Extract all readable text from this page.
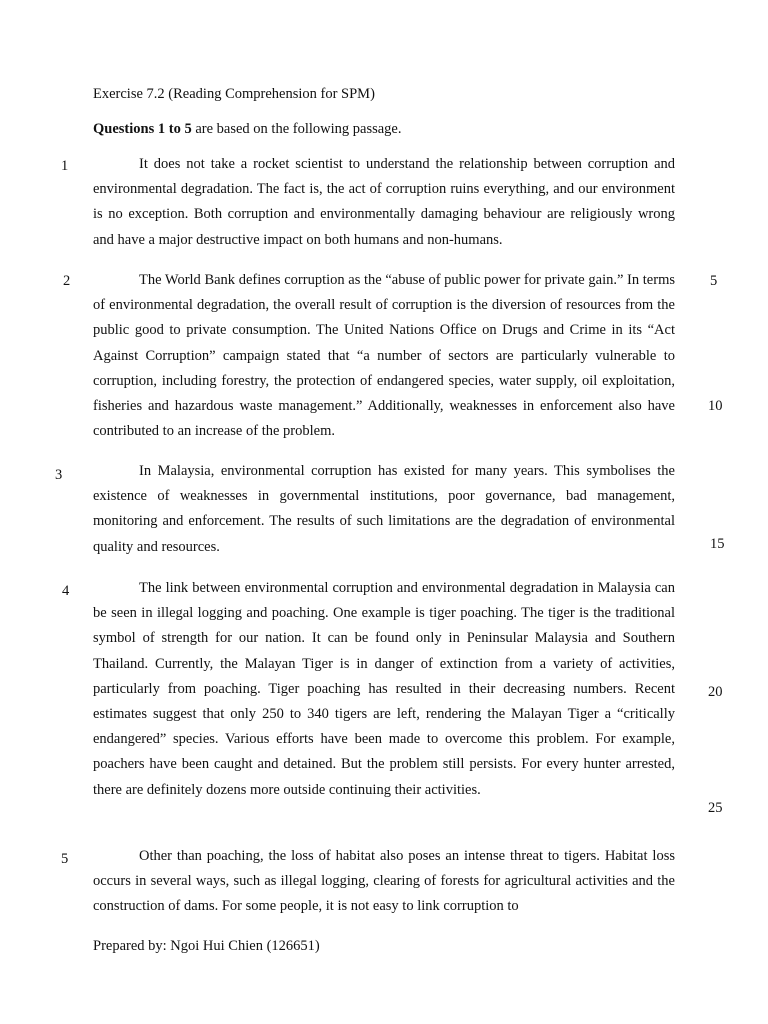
Exercise 7.2 (Reading Comprehension for SPM)
Questions 1 to 5 are based on the following passage.
1	It does not take a rocket scientist to understand the relationship between corruption and environmental degradation. The fact is, the act of corruption ruins everything, and our environment is no exception. Both corruption and environmentally damaging behaviour are religiously wrong and have a major destructive impact on both humans and non-humans.

2	The World Bank defines corruption as the “abuse of public power for private gain.” In terms of environmental degradation, the overall result of corruption is the diversion of resources from the public good to private consumption. The United Nations Office on Drugs and Crime in its “Act Against Corruption” campaign stated that “a number of sectors are particularly vulnerable to corruption, including forestry, the protection of endangered species, water supply, oil exploitation, fisheries and hazardous waste management.” Additionally, weaknesses in enforcement also have contributed to an increase of the problem.

3	In Malaysia, environmental corruption has existed for many years. This symbolises the existence of weaknesses in governmental institutions, poor governance, bad management, monitoring and enforcement. The results of such limitations are the degradation of environmental quality and resources.

4	The link between environmental corruption and environmental degradation in Malaysia can be seen in illegal logging and poaching. One example is tiger poaching. The tiger is the traditional symbol of strength for our nation. It can be found only in Peninsular Malaysia and Southern Thailand. Currently, the Malayan Tiger is in danger of extinction from a variety of activities, particularly from poaching. Tiger poaching has resulted in their decreasing numbers. Recent estimates suggest that only 250 to 340 tigers are left, rendering the Malayan Tiger a “critically endangered” species. Various efforts have been made to overcome this problem. For example, poachers have been caught and detained. But the problem still persists. For every hunter arrested, there are definitely dozens more outside continuing their activities.

5	Other than poaching, the loss of habitat also poses an intense threat to tigers. Habitat loss occurs in several ways, such as illegal logging, clearing of forests for agricultural activities and the construction of dams. For some people, it is not easy to link corruption to

5
10
15
20
25
Prepared by: Ngoi Hui Chien (126651)
